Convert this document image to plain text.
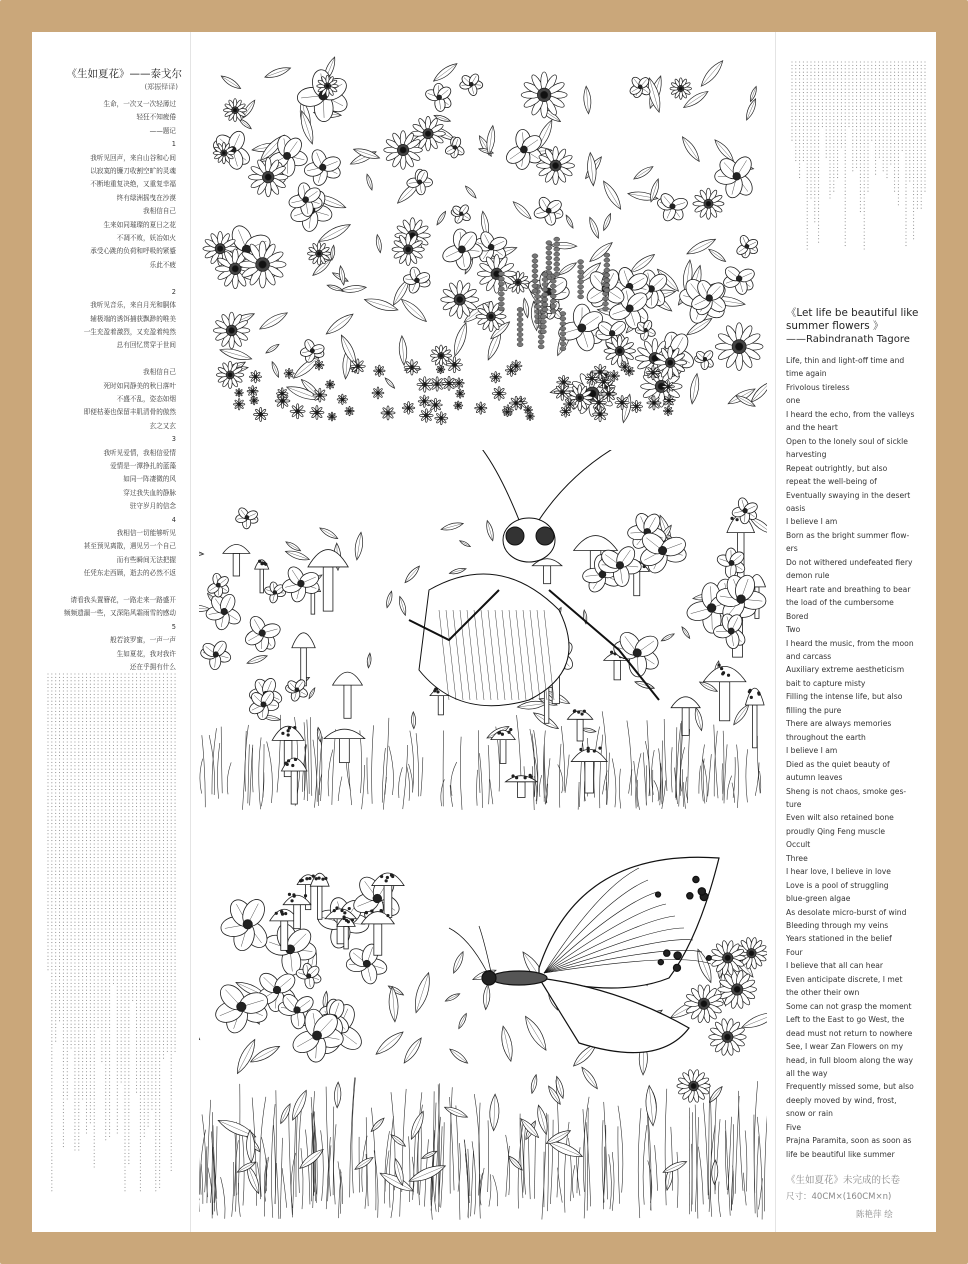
《生如夏花》——泰戈尔
(郑振铎译)
生命，一次又一次轻薄过
轻狂不知疲倦
——题记
1
我听见回声，来自山谷和心间
以寂寞的镰刀收割空旷的灵魂
不断地重复决绝，又重复幸福
终有绿洲摇曳在沙漠
我相信自己
生来如同璀璨的夏日之花
不凋不败，妖冶如火
承受心跳的负荷和呼吸的紧蹙
乐此不疲

2
我听见音乐，来自月光和胴体
辅极端的诱饵捕获飘渺的唯美
一生充盈着激烈，又充盈着纯然
总有回忆贯穿于世间

我相信自己
死时如同静美的秋日落叶
不盛不乱，姿态如烟
即便枯萎也保留丰肌清骨的傲然
玄之又玄
3
我听见爱情，我相信爱情
爱情是一潭挣扎的蓝藻
如同一阵凄微的风
穿过我失血的静脉
驻守岁月的信念
4
我相信一切能够听见
甚至预见离散，遇见另一个自己
而有些瞬间无法把握
任凭东走西顾，逝去的必然不返

请看我头置簪花，一路走来一路盛开
频频遗漏一些，又深陷风霜雨雪的感动
5
般若波罗蜜，一声一声
生如夏花，我对我许
还在乎拥有什么
《Let life be beautiful like summer flowers 》
——Rabindranath Tagore
Life, thin and light-off time and
time again
Frivolous tireless
one
I heard the echo, from the valleys
and the heart
Open to the lonely soul of sickle
harvesting
Repeat outrightly, but also
repeat the well-being of
Eventually swaying in the desert
oasis
I believe I am
Born as the bright summer flow-
ers
Do not withered undefeated fiery
demon rule
Heart rate and breathing to bear
the load of the cumbersome
Bored
Two
I heard the music, from the moon
and carcass
Auxiliary extreme aestheticism
bait to capture misty
Filling the intense life, but also
filling the pure
There are always memories
throughout the earth
I believe I am
Died as the quiet beauty of
autumn leaves
Sheng is not chaos, smoke ges-
ture
Even wilt also retained bone
proudly Qing Feng muscle
Occult
Three
I hear love, I believe in love
Love is a pool of struggling
blue-green algae
As desolate micro-burst of wind
Bleeding through my veins
Years stationed in the belief
Four
I believe that all can hear
Even anticipate discrete, I met
the other their own
Some can not grasp the moment
Left to the East to go West, the
dead must not return to nowhere
See, I wear Zan Flowers on my
head, in full bloom along the way
all the way
Frequently missed some, but also
deeply moved by wind, frost,
snow or rain
Five
Prajna Paramita, soon as soon as
life be beautiful like summer
《生如夏花》未完成的长卷
尺寸：40CM×(160CM×n)
陈艳萍 绘
